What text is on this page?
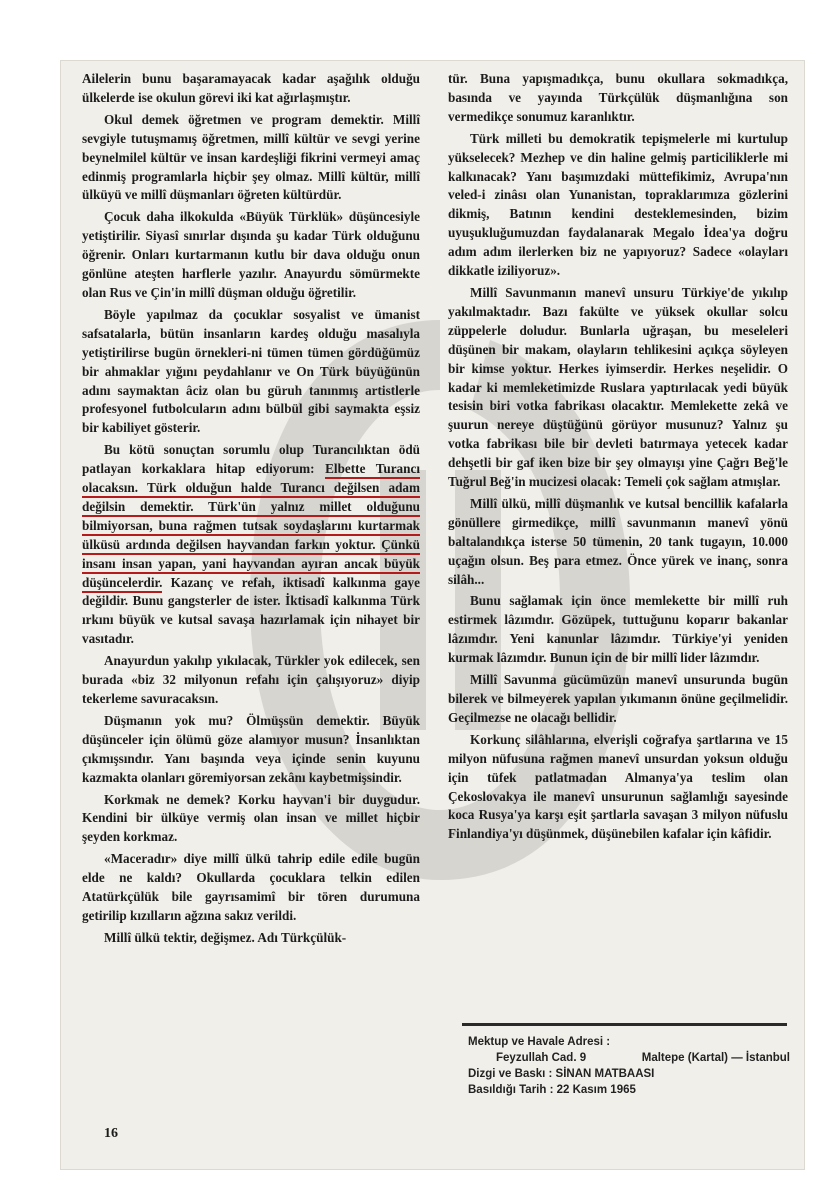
Ailelerin bunu başaramayacak kadar aşağılık olduğu ülkelerde ise okulun görevi iki kat ağırlaşmıştır.

Okul demek öğretmen ve program demektir. Millî sevgiyle tutuşmamış öğretmen, millî kültür ve sevgi yerine beynelmilel kültür ve insan kardeşliği fikrini vermeyi amaç edinmiş programlarla hiçbir şey olmaz. Millî kültür, millî ülküyü ve millî düşmanları öğreten kültürdür.

Çocuk daha ilkokulda «Büyük Türklük» düşüncesiyle yetiştirilir. Siyasî sınırlar dışında şu kadar Türk olduğunu öğrenir. Onları kurtarmanın kutlu bir dava olduğu onun gönlüne ateşten harflerle yazılır. Anayurdu sömürmekte olan Rus ve Çin'in millî düşman olduğu öğretilir.

Böyle yapılmaz da çocuklar sosyalist ve ümanist safsatalarla, bütün insanların kardeş olduğu masalıyla yetiştirilirse bugün örnekleri-ni tümen tümen gördüğümüz bir ahmaklar yığını peydahlanır ve On Türk büyüğünün adını saymaktan âciz olan bu güruh tanınmış artistlerle profesyonel futbolcuların adını bülbül gibi saymakta eşsiz bir kabiliyet gösterir.

Bu kötü sonuçtan sorumlu olup Turancılıktan ödü patlayan korkaklara hitap ediyorum: Elbette Turancı olacaksın. Türk olduğun halde Turancı değilsen adam değilsin demektir. Türk'ün yalnız millet olduğunu bilmiyorsan, buna rağmen tutsak soydaşlarını kurtarmak ülküsü ardında değilsen hayvandan farkın yoktur. Çünkü insanı insan yapan, yani hayvandan ayıran ancak büyük düşüncelerdir. Kazanç ve refah, iktisadî kalkınma gaye değildir. Bunu gangsterler de ister. İktisadî kalkınma Türk ırkını büyük ve kutsal savaşa hazırlamak için nihayet bir vasıtadır.

Anayurdun yakılıp yıkılacak, Türkler yok edilecek, sen burada «biz 32 milyonun refahı için çalışıyoruz» diyip tekerleme savuracaksın.

Düşmanın yok mu? Ölmüşsün demektir. Büyük düşünceler için ölümü göze alamıyor musun? İnsanlıktan çıkmışsındır. Yanı başında veya içinde senin kuyunu kazmakta olanları göremiyorsan zekânı kaybetmişsindir.

Korkmak ne demek? Korku hayvan'i bir duygudur. Kendini bir ülküye vermiş olan insan ve millet hiçbir şeyden korkmaz.

«Maceradır» diye millî ülkü tahrip edile edile bugün elde ne kaldı? Okullarda çocuklara telkin edilen Atatürkçülük bile gayrısamimî bir tören durumuna getirilip kızılların ağzına sakız verildi.

Millî ülkü tektir, değişmez. Adı Türkçülük-

tür. Buna yapışmadıkça, bunu okullara sokmadıkça, basında ve yayında Türkçülük düşmanlığına son vermedikçe sonumuz karanlıktır.

Türk milleti bu demokratik tepişmelerle mi kurtulup yükselecek? Mezhep ve din haline gelmiş particiliklerle mi kalkınacak? Yanı başımızdaki müttefikimiz, Avrupa'nın veled-i zinâsı olan Yunanistan, topraklarımıza gözlerini dikmiş, Batının kendini desteklemesinden, bizim uyuşukluğumuzdan faydalanarak Megalo İdea'ya doğru adım adım ilerlerken biz ne yapıyoruz? Sadece «olayları dikkatle iziliyoruz».

Millî Savunmanın manevî unsuru Türkiye'de yıkılıp yakılmaktadır. Bazı fakülte ve yüksek okullar solcu züppelerle doludur. Bunlarla uğraşan, bu meseleleri düşünen bir makam, olayların tehlikesini açıkça söyleyen bir kimse yoktur. Herkes iyimserdir. Herkes neşelidir. O kadar ki memleketimizde Ruslara yaptırılacak yedi büyük tesisin biri votka fabrikası olacaktır. Memlekette zekâ ve şuurun nereye düştüğünü görüyor musunuz? Yalnız şu votka fabrikası bile bir devleti batırmaya yetecek kadar dehşetli bir gaf iken bize bir şey olmayışı yine Çağrı Beğ'le Tuğrul Beğ'in mucizesi olacak: Temeli çok sağlam atmışlar.

Millî ülkü, millî düşmanlık ve kutsal bencillik kafalarla gönüllere girmedikçe, millî savunmanın manevî yönü baltalandıkça isterse 50 tümenin, 20 tank tugayın, 10.000 uçağın olsun. Beş para etmez. Önce yürek ve inanç, sonra silâh...

Bunu sağlamak için önce memlekette bir millî ruh estirmek lâzımdır. Gözüpek, tuttuğunu koparır bakanlar lâzımdır. Yeni kanunlar lâzımdır. Türkiye'yi yeniden kurmak lâzımdır. Bunun için de bir millî lider lâzımdır.

Millî Savunma gücümüzün manevî unsurunda bugün bilerek ve bilmeyerek yapılan yıkımanın önüne geçilmelidir. Geçilmezse ne olacağı bellidir.

Korkunç silâhlarına, elverişli coğrafya şartlarına ve 15 milyon nüfusuna rağmen manevî unsurdan yoksun olduğu için tüfek patlatmadan Almanya'ya teslim olan Çekoslovakya ile manevî unsurunun sağlamlığı sayesinde koca Rusya'ya karşı eşit şartlarla savaşan 3 milyon nüfuslu Finlandiya'yı düşünmek, düşünebilen kafalar için kâfidir.

Mektup ve Havale Adresi :
Feyzullah Cad. 9	Maltepe (Kartal) — İstanbul
Dizgi ve Baskı : SİNAN MATBAASI
Basıldığı Tarih : 22 Kasım 1965
16
